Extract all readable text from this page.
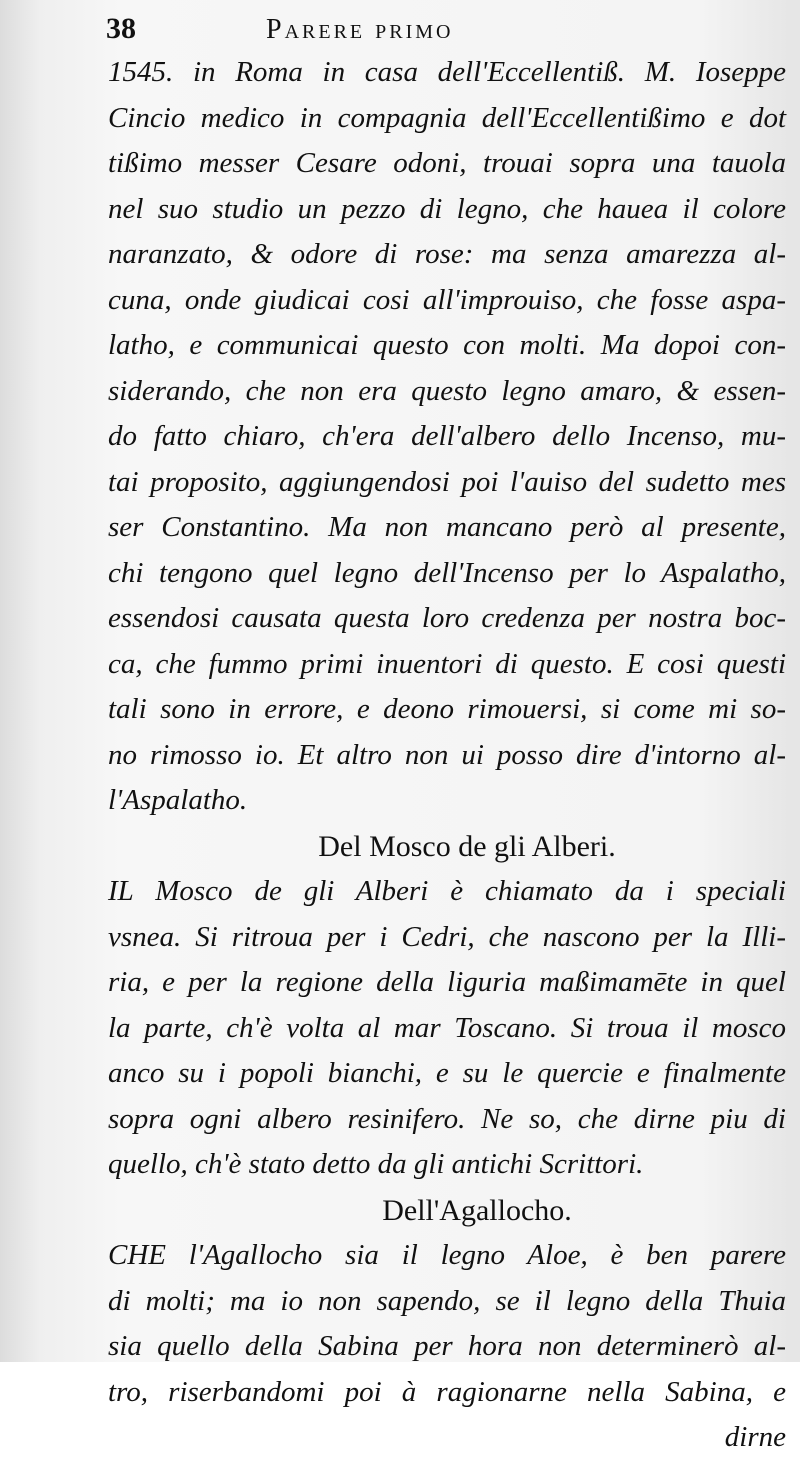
38	Parere primo
1545. in Roma in casa dell'Eccellentiß. M. Ioseppe
Cincio medico in compagnia dell'Eccellentißimo e dot
tißimo messer Cesare odoni, trouai sopra una tauola
nel suo studio un pezzo di legno, che hauea il colore
naranzato, & odore di rose: ma senza amarezza al-
cuna, onde giudicai cosi all'improuiso, che fosse aspa-
latho, e communicai questo con molti. Ma dopoi con-
siderando, che non era questo legno amaro, & essen-
do fatto chiaro, ch'era dell'albero dello Incenso, mu-
tai proposito, aggiungendosi poi l'auiso del sudetto mes
ser Constantino. Ma non mancano però al presente,
chi tengono quel legno dell'Incenso per lo Aspalatho,
essendosi causata questa loro credenza per nostra boc-
ca, che fummo primi inuentori di questo. E cosi questi
tali sono in errore, e deono rimouersi, si come mi so-
no rimosso io. Et altro non ui posso dire d'intorno al-
l'Aspalatho.
Del Mosco de gli Alberi.
IL Mosco de gli Alberi è chiamato da i speciali
vsnea. Si ritroua per i Cedri, che nascono per la Illi-
ria, e per la regione della liguria maßimamēte in quel
la parte, ch'è volta al mar Toscano. Si troua il mosco
anco su i popoli bianchi, e su le quercie e finalmente
sopra ogni albero resinifero. Ne so, che dirne piu di
quello, ch'è stato detto da gli antichi Scrittori.
Dell'Agallocho.
CHE l'Agallocho sia il legno Aloe, è ben parere
di molti; ma io non sapendo, se il legno della Thuia
sia quello della Sabina per hora non determinerò al-
tro, riserbandomi poi à ragionarne nella Sabina, e
dirne
